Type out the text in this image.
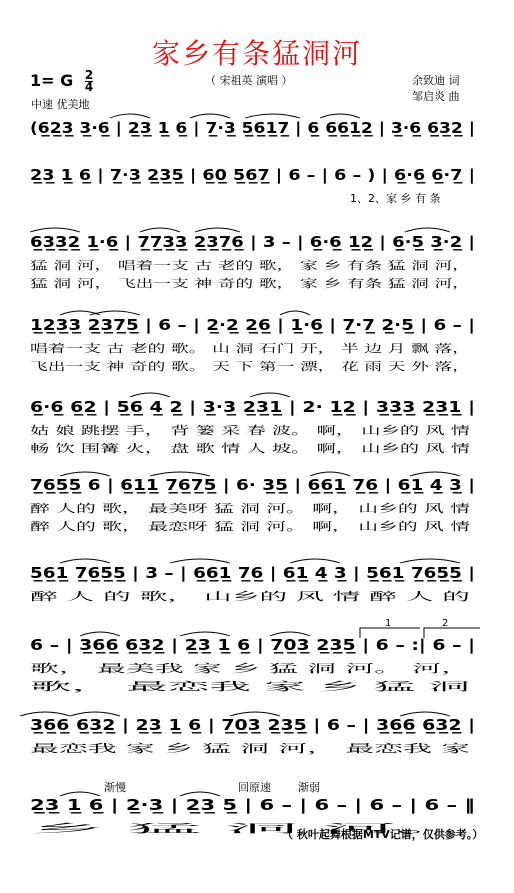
家乡有条猛洞河
1= G $\frac{2}{4}$
中速 优美地
（ 宋祖英 演唱 ）	余致迪 词
邹启炎 曲
(6̲2̲3̲ 3̲·6̲ | 2̲3̲ 1̲ 6̲ | 7̲·3̲ 5̲6̲1̲7̲ | 6̲ 6̲6̲1̲2̲ | 3̲·6̲ 6̲3̲2̲ |
2̲3̲ 1̲ 6̲ | 7̲·3̲ 2̲3̲5̲ | 6̲0̲ 5̲6̲7̲ | 6 – | 6 – ) | 6̲·6̲ 6̲·7̲ |
1、2、家 乡 有 条
6̲3̲3̲2̲ 1̲·6̲ | 7̲7̲3̲3̲ 2̲3̲7̲6̲ | 3 – | 6̲·6̲ 1̲2̲ | 6̲·5̲ 3̲·2̲ |
猛 洞 河， 唱着一支 古 老的 歌， 家 乡 有条 猛 洞 河，
猛 洞 河， 飞出一支 神 奇的 歌， 家 乡 有条 猛 洞 河，
1̲2̲3̲3̲ 2̲3̲7̲5̲ | 6 – | 2̲·2̲ 2̲6̲ | 1̲·6̲ | 7̲·7̲ 2̲·5̲ | 6 – |
唱着一支 古 老的 歌。 山 洞 石门 开， 半 边 月 飘 落，
飞出一支 神 奇的 歌。 天 下 第一 漂， 花 雨 天 外 落，
6̲·6̲ 6̲2̲ | 5̲6̲ 4̲ 2̲ | 3̲·3̲ 2̲3̲1̲ | 2· 1̲2̲ | 3̲3̲3̲ 2̲3̲1̲ |
姑 娘 跳摆 手， 背 篓 采 春 波。 啊， 山乡的 风 情
畅 饮 围篝 火， 盘 歌 情 人 坡。 啊， 山乡的 风 情
7̲6̲5̲5̲ 6 | 6̲1̲1̲ 7̲6̲7̲5̲ | 6· 3̲5̲ | 6̲6̲1̲ 7̲6̲ | 6̲1̲ 4̲ 3̲ |
醉 人的 歌， 最美呀 猛 洞 河。 啊， 山乡的 风 情
醉 人的 歌， 最恋呀 猛 洞 河。 啊， 山乡的 风 情
5̲6̲1̲ 7̲6̲5̲5̲ | 3 – | 6̲6̲1̲ 7̲6̲ | 6̲1̲ 4̲ 3̲ | 5̲6̲1̲ 7̲6̲5̲5̲ |
醉 人 的 歌， 山乡的 风 情 醉 人 的
6 – | 3̲6̲6̲ 6̲3̲2̲ | 2̲3̲ 1̲ 6̲ | 7̲0̲3̲ 2̲3̲5̲ | 6 – :| 6 – |
歌， 最美我 家 乡 猛 洞 河。 河，
歌， 最恋我 家 乡 猛 洞
3̲6̲6̲ 6̲3̲2̲ | 2̲3̲ 1̲ 6̲ | 7̲0̲3̲ 2̲3̲5̲ | 6 – | 3̲6̲6̲ 6̲3̲2̲ |
最恋我 家 乡 猛 洞 河， 最恋我 家
2̲3̲ 1̲ 6̲ | 2̲·3̲ | 2̲3̲ 5̲ | 6 – | 6 – | 6 – | 6 – ‖
乡 猛 洞 河。
1	2
渐慢	回原速 渐弱
（ 秋叶起舞根据MTV记谱，仅供参考。）
